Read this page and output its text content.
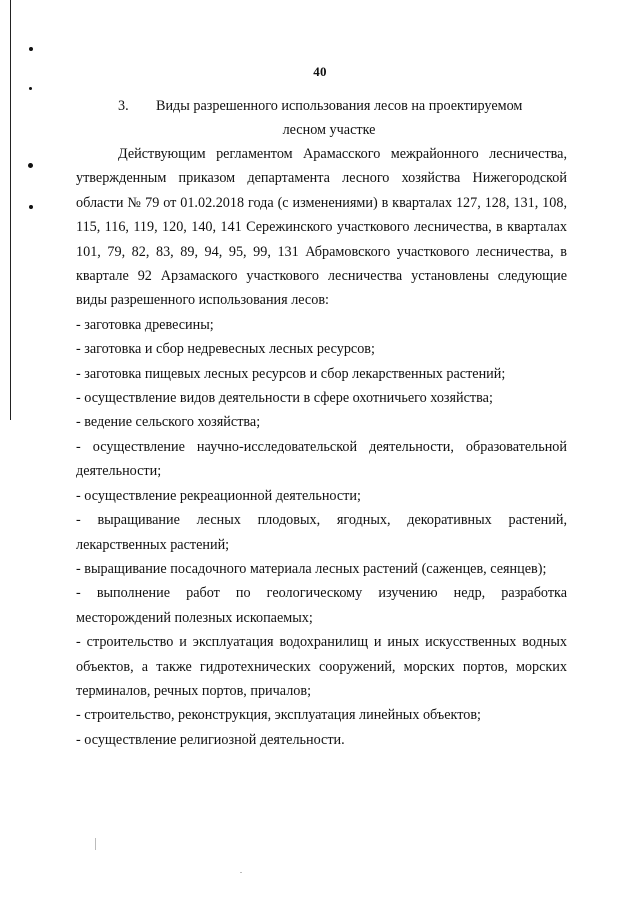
40
3. Виды разрешенного использования лесов на проектируемом
лесном участке

Действующим регламентом Арамасского межрайонного лесничества, утвержденным приказом департамента лесного хозяйства Нижегородской области № 79 от 01.02.2018 года (с изменениями) в кварталах 127, 128, 131, 108, 115, 116, 119, 120, 140, 141 Сережинского участкового лесничества, в кварталах 101, 79, 82, 83, 89, 94, 95, 99, 131 Абрамовского участкового лесничества, в квартале 92 Арзамаского участкового лесничества установлены следующие виды разрешенного использования лесов:

- заготовка древесины;

- заготовка и сбор недревесных лесных ресурсов;

- заготовка пищевых лесных ресурсов и сбор лекарственных растений;

- осуществление видов деятельности в сфере охотничьего хозяйства;

- ведение сельского хозяйства;

- осуществление научно-исследовательской деятельности, образовательной деятельности;

- осуществление рекреационной деятельности;

- выращивание лесных плодовых, ягодных, декоративных растений, лекарственных растений;

- выращивание посадочного материала лесных растений (саженцев, сеянцев);

- выполнение работ по геологическому изучению недр, разработка месторождений полезных ископаемых;

- строительство и эксплуатация водохранилищ и иных искусственных водных объектов, а также гидротехнических сооружений, морских портов, морских терминалов, речных портов, причалов;

- строительство, реконструкция, эксплуатация линейных объектов;

- осуществление религиозной деятельности.
